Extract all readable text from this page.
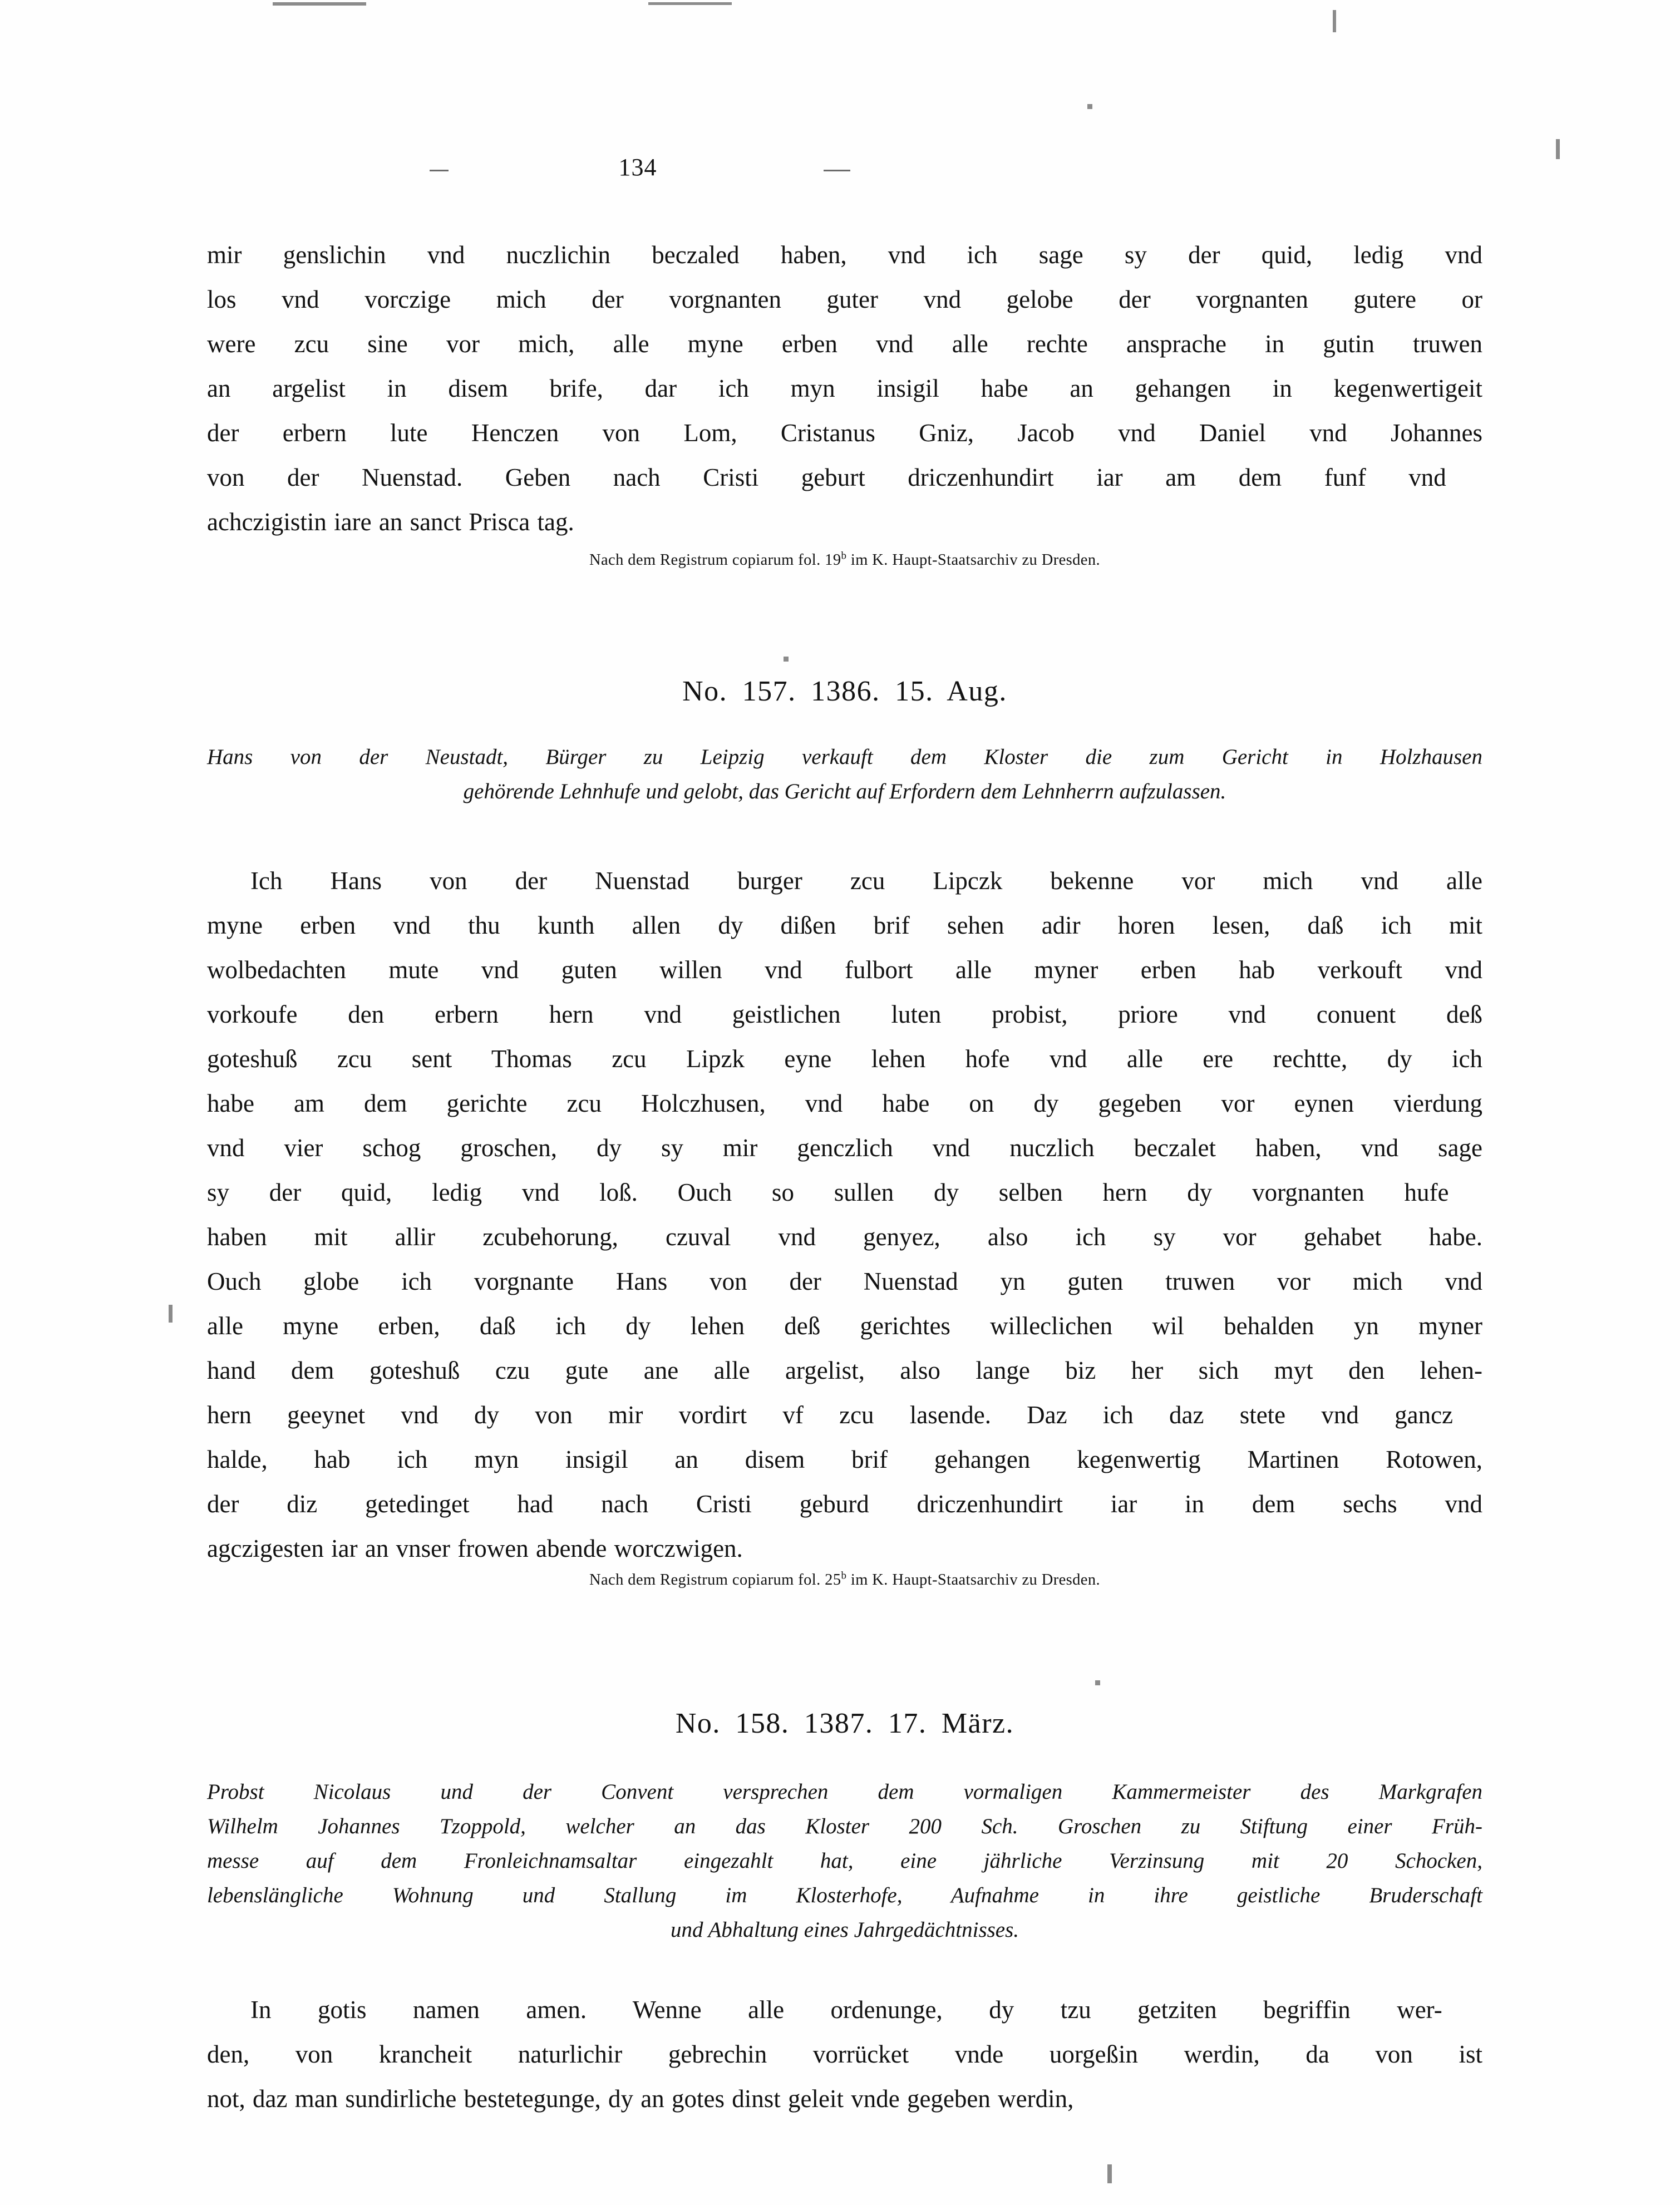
134
mir genslichin vnd nuczlichin beczaled haben, vnd ich sage sy der quid, ledig vnd
los vnd vorczige mich der vorgnanten guter vnd gelobe der vorgnanten gutere or
were zcu sine vor mich, alle myne erben vnd alle rechte ansprache in gutin truwen
an argelist in disem brife, dar ich myn insigil habe an gehangen in kegenwertigeit
der erbern lute Henczen von Lom, Cristanus Gniz, Jacob vnd Daniel vnd Johannes
von der Nuenstad. Geben nach Cristi geburt driczenhundirt iar am dem funf vnd
achczigistin iare an sanct Prisca tag.
Nach dem Registrum copiarum fol. 19$^b$ im K. Haupt-Staatsarchiv zu Dresden.
No. 157. 1386. 15. Aug.
Hans von der Neustadt, Bürger zu Leipzig verkauft dem Kloster die zum Gericht in Holzhausen
gehörende Lehnhufe und gelobt, das Gericht auf Erfordern dem Lehnherrn aufzulassen.
Ich Hans von der Nuenstad burger zcu Lipczk bekenne vor mich vnd alle
myne erben vnd thu kunth allen dy dißen brif sehen adir horen lesen, daß ich mit
wolbedachten mute vnd guten willen vnd fulbort alle myner erben hab verkouft vnd
vorkoufe den erbern hern vnd geistlichen luten probist, priore vnd conuent deß
goteshuß zcu sent Thomas zcu Lipzk eyne lehen hofe vnd alle ere rechtte, dy ich
habe am dem gerichte zcu Holczhusen, vnd habe on dy gegeben vor eynen vierdung
vnd vier schog groschen, dy sy mir genczlich vnd nuczlich beczalet haben, vnd sage
sy der quid, ledig vnd loß. Ouch so sullen dy selben hern dy vorgnanten hufe
haben mit allir zcubehorung, czuval vnd genyez, also ich sy vor gehabet habe.
Ouch globe ich vorgnante Hans von der Nuenstad yn guten truwen vor mich vnd
alle myne erben, daß ich dy lehen deß gerichtes willeclichen wil behalden yn myner
hand dem goteshuß czu gute ane alle argelist, also lange biz her sich myt den lehen-
hern geeynet vnd dy von mir vordirt vf zcu lasende. Daz ich daz stete vnd gancz
halde, hab ich myn insigil an disem brif gehangen kegenwertig Martinen Rotowen,
der diz getedinget had nach Cristi geburd driczenhundirt iar in dem sechs vnd
agczigesten iar an vnser frowen abende worczwigen.
Nach dem Registrum copiarum fol. 25$^b$ im K. Haupt-Staatsarchiv zu Dresden.
No. 158. 1387. 17. März.
Probst Nicolaus und der Convent versprechen dem vormaligen Kammermeister des Markgrafen
Wilhelm Johannes Tzoppold, welcher an das Kloster 200 Sch. Groschen zu Stiftung einer Früh-
messe auf dem Fronleichnamsaltar eingezahlt hat, eine jährliche Verzinsung mit 20 Schocken,
lebenslängliche Wohnung und Stallung im Klosterhofe, Aufnahme in ihre geistliche Bruderschaft
und Abhaltung eines Jahrgedächtnisses.
In gotis namen amen. Wenne alle ordenunge, dy tzu getziten begriffin wer-
den, von krancheit naturlichir gebrechin vorrücket vnde uorgeßin werdin, da von ist
not, daz man sundirliche bestetegunge, dy an gotes dinst geleit vnde gegeben werdin,
